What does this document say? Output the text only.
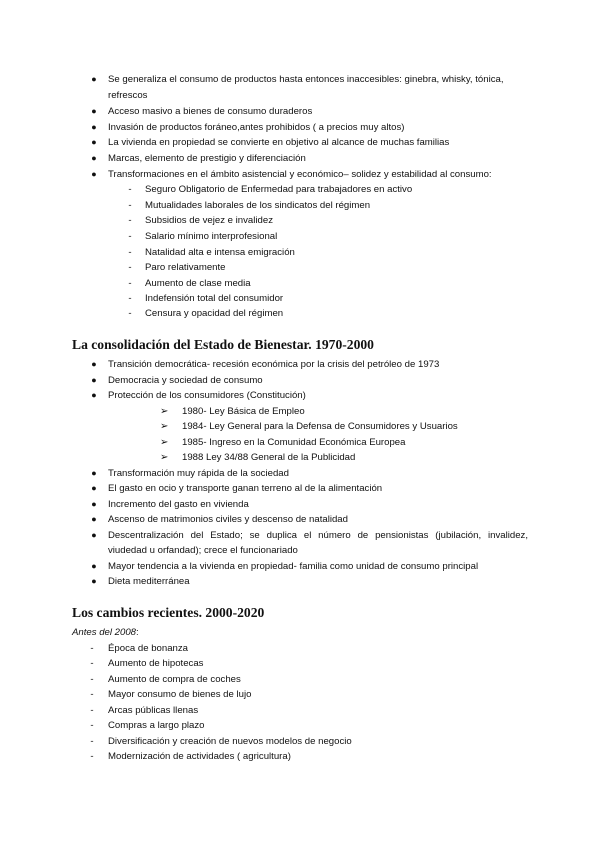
●	Se generaliza el consumo de productos hasta entonces inaccesibles: ginebra, whisky, tónica,
refrescos
●	Acceso masivo a bienes de consumo duraderos
●	Invasión de productos foráneo,antes prohibidos ( a precios muy altos)
●	La vivienda en propiedad se convierte en objetivo al alcance de muchas familias
●	Marcas, elemento de prestigio y diferenciación
●	Transformaciones en el ámbito asistencial y económico– solidez y estabilidad al consumo:
-	Seguro Obligatorio de Enfermedad para trabajadores en activo
-	Mutualidades laborales de los sindicatos del régimen
-	Subsidios de vejez e invalidez
-	Salario mínimo interprofesional
-	Natalidad alta e intensa emigración
-	Paro relativamente
-	Aumento de clase media
-	Indefensión total del consumidor
-	Censura y opacidad del régimen
La consolidación del Estado de Bienestar. 1970-2000
●	Transición democrática- recesión económica por la crisis del petróleo de 1973
●	Democracia y sociedad de consumo
●	Protección de los consumidores (Constitución)
➢ 1980- Ley Básica de Empleo
➢ 1984- Ley General para la Defensa de Consumidores y Usuarios
➢ 1985- Ingreso en la Comunidad Económica Europea
➢ 1988 Ley 34/88 General de la Publicidad
●	Transformación muy rápida de la sociedad
●	El gasto en ocio y transporte ganan terreno al de la alimentación
●	Incremento del gasto en vivienda
●	Ascenso de matrimonios civiles y descenso de natalidad
●	Descentralización del Estado; se duplica el número de pensionistas (jubilación, invalidez,
viudedad u orfandad); crece el funcionariado
●	Mayor tendencia a la vivienda en propiedad- familia como unidad de consumo principal
●	Dieta mediterránea
Los cambios recientes. 2000-2020
Antes del 2008:
-	Época de bonanza
-	Aumento de hipotecas
-	Aumento de compra de coches
-	Mayor consumo de bienes de lujo
-	Arcas públicas llenas
-	Compras a largo plazo
-	Diversificación y creación de nuevos modelos de negocio
-	Modernización de actividades ( agricultura)
